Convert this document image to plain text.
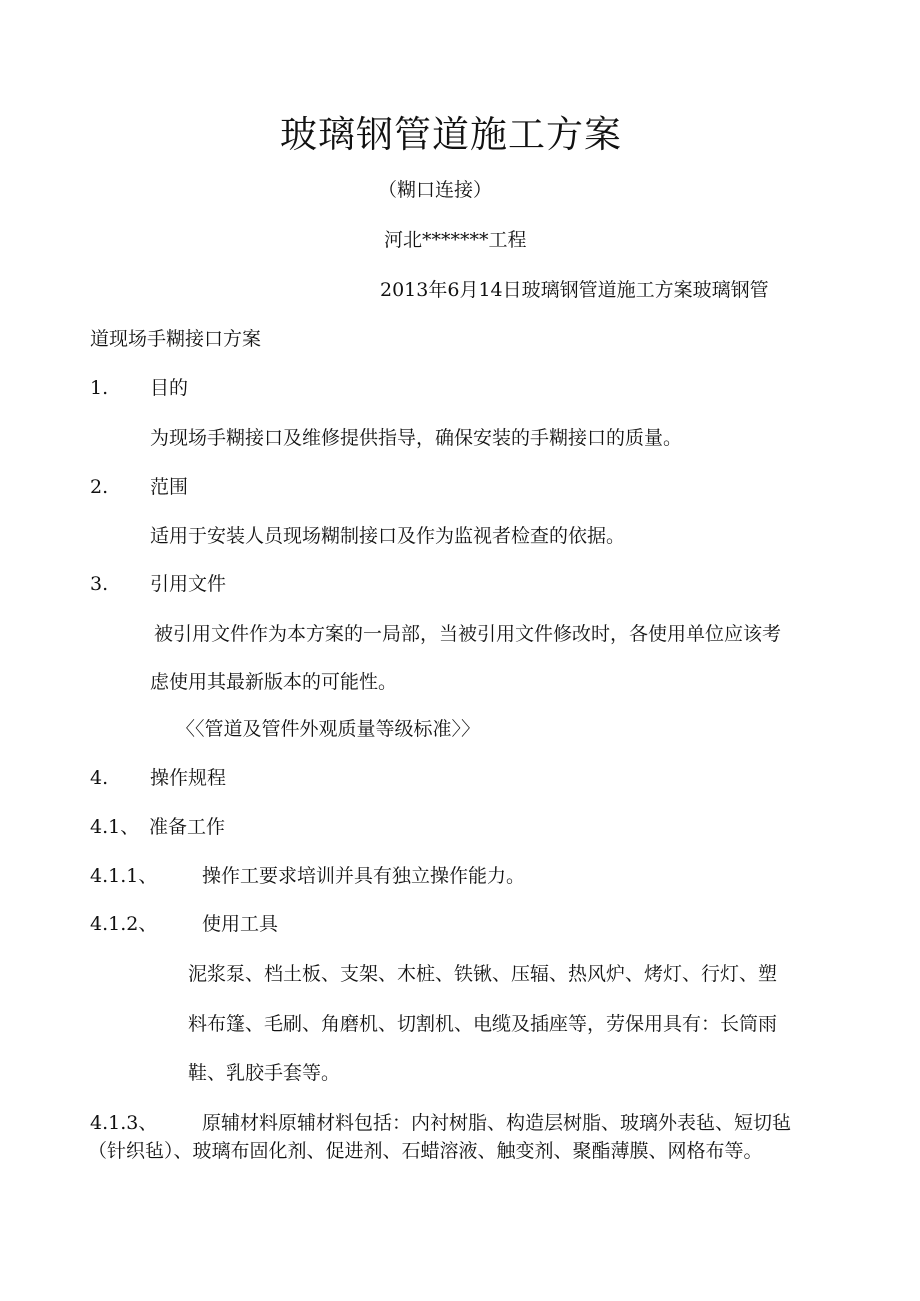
玻璃钢管道施工方案
（糊口连接）
河北*******工程
2013年6月14日玻璃钢管道施工方案玻璃钢管
道现场手糊接口方案
1. 目的
为现场手糊接口及维修提供指导，确保安装的手糊接口的质量。
2. 范围
适用于安装人员现场糊制接口及作为监视者检查的依据。
3. 引用文件
被引用文件作为本方案的一局部，当被引用文件修改时，各使用单位应该考
虑使用其最新版本的可能性。
〈〈管道及管件外观质量等级标准〉〉
4. 操作规程
4.1、 准备工作
4.1.1、 操作工要求培训并具有独立操作能力。
4.1.2、 使用工具
泥浆泵、档土板、支架、木桩、铁锹、压辐、热风炉、烤灯、行灯、塑
料布篷、毛刷、角磨机、切割机、电缆及插座等，劳保用具有：长筒雨
鞋、乳胶手套等。
4.1.3、 原辅材料原辅材料包括：内衬树脂、构造层树脂、玻璃外表毡、短切毡
（针织毡）、玻璃布固化剂、促进剂、石蜡溶液、触变剂、聚酯薄膜、网格布等。
